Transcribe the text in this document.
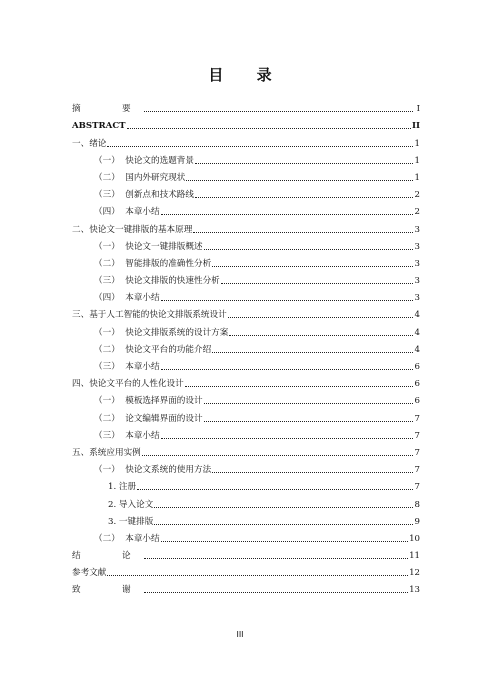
目 录
摘  要	I
ABSTRACT	II
一、绪论	1
（一）  快论文的选题背景	1
（二）  国内外研究现状	1
（三）  创新点和技术路线	2
（四）  本章小结	2
二、快论文一键排版的基本原理	3
（一）  快论文一键排版概述	3
（二）  智能排版的准确性分析	3
（三）  快论文排版的快速性分析	3
（四）  本章小结	3
三、基于人工智能的快论文排版系统设计	4
（一）  快论文排版系统的设计方案	4
（二）  快论文平台的功能介绍	4
（三）  本章小结	6
四、快论文平台的人性化设计	6
（一）  模板选择界面的设计	6
（二）  论文编辑界面的设计	7
（三）  本章小结	7
五、系统应用实例	7
（一）  快论文系统的使用方法	7
1. 注册	7
2. 导入论文	8
3. 一键排版	9
（二）  本章小结	10
结  论	11
参考文献	12
致  谢	13
III
